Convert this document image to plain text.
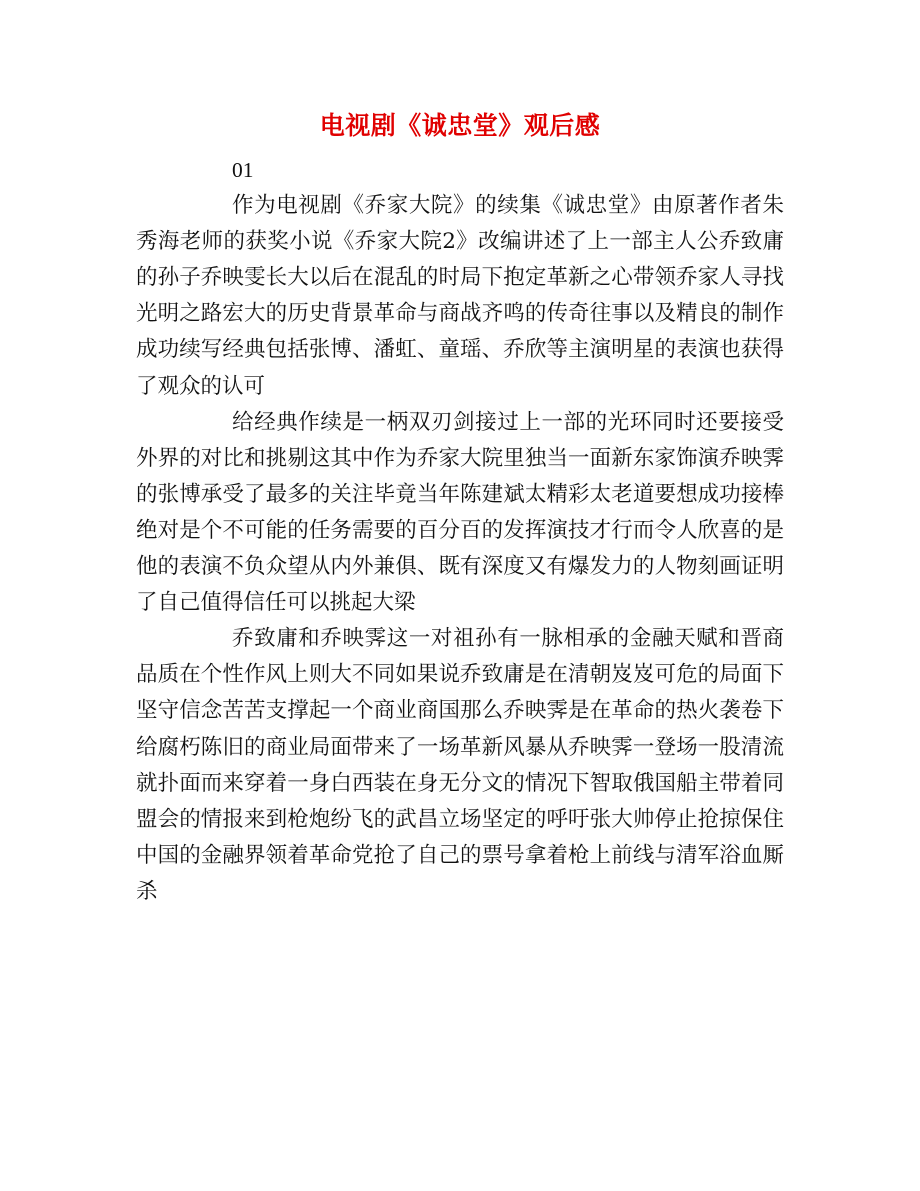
电视剧《诚忠堂》观后感

01

作为电视剧《乔家大院》的续集《诚忠堂》由原著作者朱秀海老师的获奖小说《乔家大院2》改编讲述了上一部主人公乔致庸的孙子乔映雯长大以后在混乱的时局下抱定革新之心带领乔家人寻找光明之路宏大的历史背景革命与商战齐鸣的传奇往事以及精良的制作成功续写经典包括张博、潘虹、童瑶、乔欣等主演明星的表演也获得了观众的认可

给经典作续是一柄双刃剑接过上一部的光环同时还要接受外界的对比和挑剔这其中作为乔家大院里独当一面新东家饰演乔映霁的张博承受了最多的关注毕竟当年陈建斌太精彩太老道要想成功接棒绝对是个不可能的任务需要的百分百的发挥演技才行而令人欣喜的是他的表演不负众望从内外兼俱、既有深度又有爆发力的人物刻画证明了自己值得信任可以挑起大梁

乔致庸和乔映霁这一对祖孙有一脉相承的金融天赋和晋商品质在个性作风上则大不同如果说乔致庸是在清朝岌岌可危的局面下坚守信念苦苦支撑起一个商业商国那么乔映霁是在革命的热火袭卷下给腐朽陈旧的商业局面带来了一场革新风暴从乔映霁一登场一股清流就扑面而来穿着一身白西装在身无分文的情况下智取俄国船主带着同盟会的情报来到枪炮纷飞的武昌立场坚定的呼吁张大帅停止抢掠保住中国的金融界领着革命党抢了自己的票号拿着枪上前线与清军浴血厮杀
